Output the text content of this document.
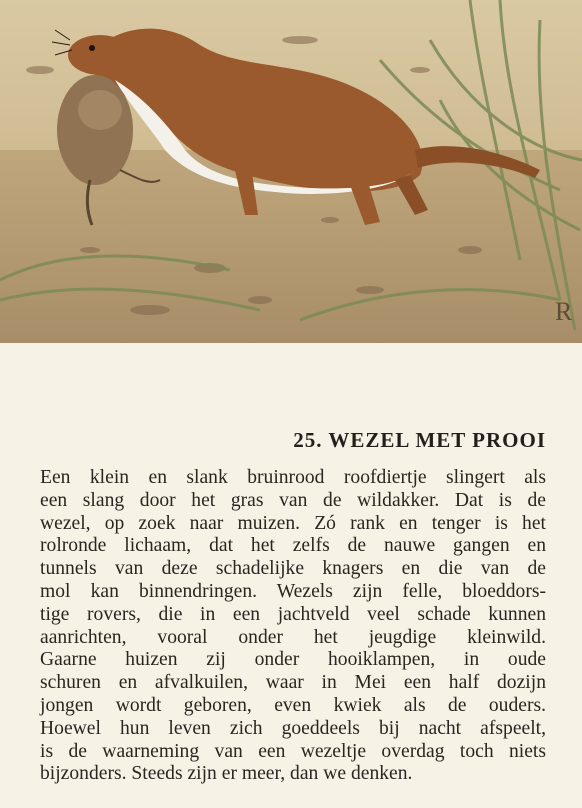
R
25. WEZEL MET PROOI

Een klein en slank bruinrood roofdiertje slingert als
een slang door het gras van de wildakker. Dat is de
wezel, op zoek naar muizen. Zó rank en tenger is het
rolronde lichaam, dat het zelfs de nauwe gangen en
tunnels van deze schadelijke knagers en die van de
mol kan binnendringen. Wezels zijn felle, bloeddors-
tige rovers, die in een jachtveld veel schade kunnen
aanrichten, vooral onder het jeugdige kleinwild.
Gaarne huizen zij onder hooiklampen, in oude
schuren en afvalkuilen, waar in Mei een half dozijn
jongen wordt geboren, even kwiek als de ouders.
Hoewel hun leven zich goeddeels bij nacht afspeelt,
is de waarneming van een wezeltje overdag toch niets
bijzonders. Steeds zijn er meer, dan we denken.
